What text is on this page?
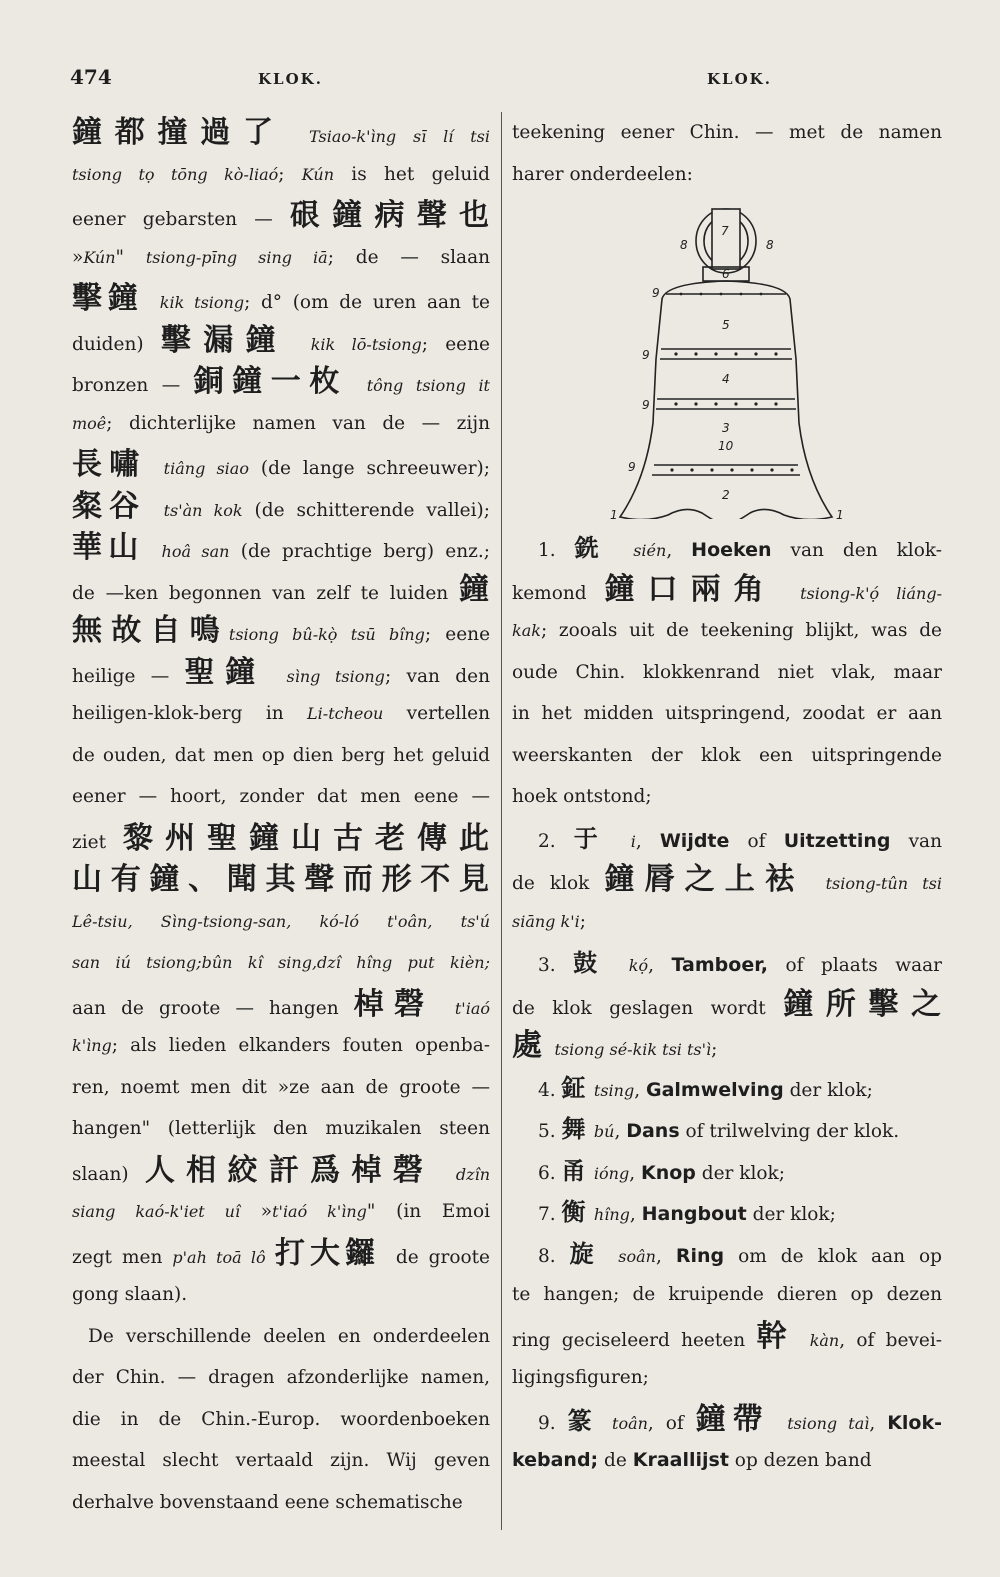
474	KLOK.	KLOK.
鐘都撞過了 Tsiao-k'ìng sī lí tsi
tsiong tọ tōng kò-liaó; Kún is het geluid
eener gebarsten — 硍鐘病聲也
»Kún" tsiong-pīng sing iā; de — slaan
擊鐘 kik tsiong; d° (om de uren aan te
duiden) 擊漏鐘 kik lō-tsiong; eene
bronzen — 銅鐘一枚 tông tsiong it
moê; dichterlijke namen van de — zijn
長嘯 tiâng siao (de lange schreeuwer);
粲谷 ts'àn kok (de schitterende vallei);
華山 hoâ san (de prachtige berg) enz.;
de —ken begonnen van zelf te luiden 鐘
無故自鳴tsiong bû-kọ̀ tsū bîng; eene
heilige — 聖鐘 sìng tsiong; van den
heiligen-klok-berg in Li-tcheou vertellen
de ouden, dat men op dien berg het geluid
eener — hoort, zonder dat men eene —
ziet 黎州聖鐘山古老傳此
山有鐘、聞其聲而形不見
Lê-tsiu, Sìng-tsiong-san, kó-ló t'oân, ts'ú
san iú tsiong;bûn kî sing,dzî hîng put kièn;
aan de groote — hangen 棹磬 t'iaó
k'ìng; als lieden elkanders fouten openba-
ren, noemt men dit »ze aan de groote —
hangen" (letterlijk den muzikalen steen
slaan) 人相絞訐爲棹磬 dzîn
siang kaó-k'iet uî »t'iaó k'ìng" (in Emoi
zegt men p'ah toā lô 打大鑼 de groote
gong slaan).
De verschillende deelen en onderdeelen
der Chin. — dragen afzonderlijke namen,
die in de Chin.-Europ. woordenboeken
meestal slecht vertaald zijn. Wij geven
derhalve bovenstaand eene schematische
teekening eener Chin. — met de namen
harer onderdeelen:
7
8	8
6
9
5
9
4
9
3
10
9
2
1	1
1. 銑 sién, Hoeken van den klok-
kemond 鐘口兩角 tsiong-k'ọ́ liáng-
kak; zooals uit de teekening blijkt, was de
oude Chin. klokkenrand niet vlak, maar
in het midden uitspringend, zoodat er aan
weerskanten der klok een uitspringende
hoek ontstond;
2. 于 i, Wijdte of Uitzetting van
de klok 鐘脣之上袪 tsiong-tûn tsi
siāng k'i;
3. 鼓 kọ́, Tamboer, of plaats waar
de klok geslagen wordt 鐘所擊之
處 tsiong sé-kik tsi ts'ì;
4. 鉦 tsing, Galmwelving der klok;
5. 舞 bú, Dans of trilwelving der klok.
6. 甬 ióng, Knop der klok;
7. 衡 hîng, Hangbout der klok;
8. 旋 soân, Ring om de klok aan op
te hangen; de kruipende dieren op dezen
ring geciseleerd heeten 幹 kàn, of bevei-
ligingsfiguren;
9. 篆 toân, of 鐘帶 tsiong taì, Klok-
keband; de Kraallijst op dezen band
